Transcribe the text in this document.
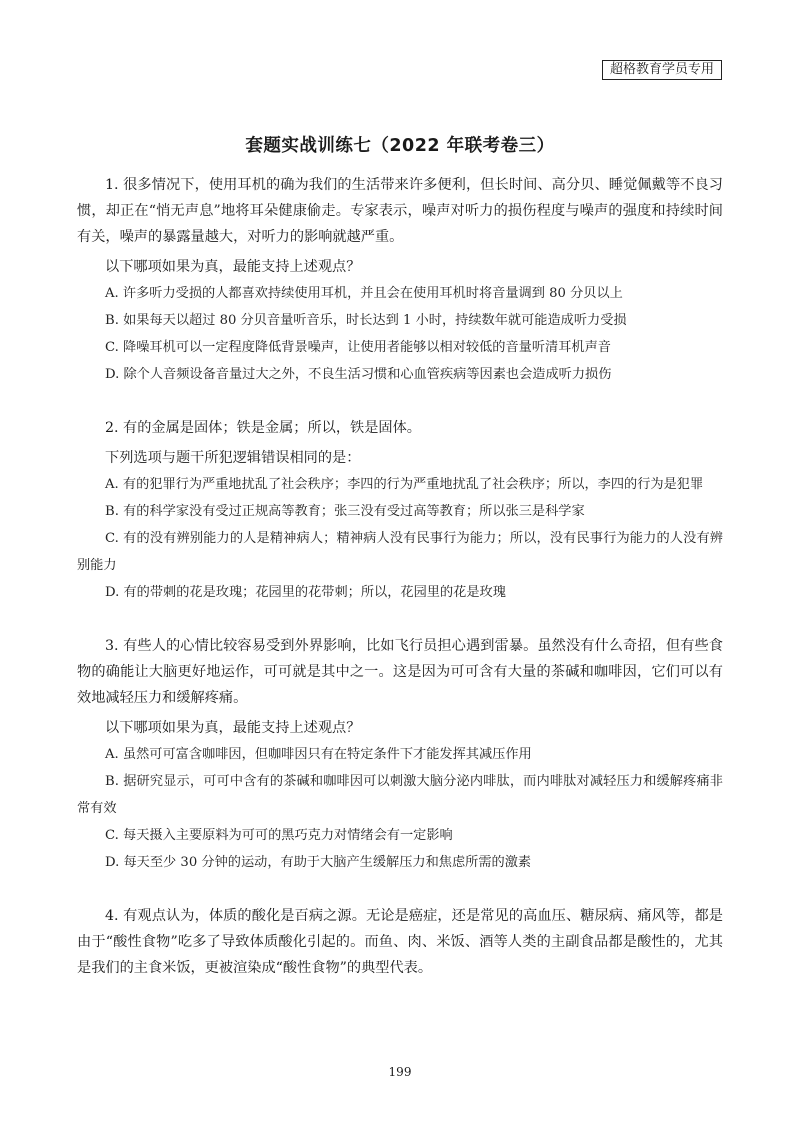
超格教育学员专用
套题实战训练七（2022 年联考卷三）

1. 很多情况下，使用耳机的确为我们的生活带来许多便利，但长时间、高分贝、睡觉佩戴等不良习惯，却正在“悄无声息”地将耳朵健康偷走。专家表示，噪声对听力的损伤程度与噪声的强度和持续时间有关，噪声的暴露量越大，对听力的影响就越严重。

以下哪项如果为真，最能支持上述观点？

A. 许多听力受损的人都喜欢持续使用耳机，并且会在使用耳机时将音量调到 80 分贝以上

B. 如果每天以超过 80 分贝音量听音乐，时长达到 1 小时，持续数年就可能造成听力受损

C. 降噪耳机可以一定程度降低背景噪声，让使用者能够以相对较低的音量听清耳机声音

D. 除个人音频设备音量过大之外，不良生活习惯和心血管疾病等因素也会造成听力损伤

2. 有的金属是固体；铁是金属；所以，铁是固体。

下列选项与题干所犯逻辑错误相同的是：

A. 有的犯罪行为严重地扰乱了社会秩序；李四的行为严重地扰乱了社会秩序；所以，李四的行为是犯罪

B. 有的科学家没有受过正规高等教育；张三没有受过高等教育；所以张三是科学家

C. 有的没有辨别能力的人是精神病人；精神病人没有民事行为能力；所以，没有民事行为能力的人没有辨别能力

D. 有的带刺的花是玫瑰；花园里的花带刺；所以，花园里的花是玫瑰

3. 有些人的心情比较容易受到外界影响，比如飞行员担心遇到雷暴。虽然没有什么奇招，但有些食物的确能让大脑更好地运作，可可就是其中之一。这是因为可可含有大量的茶碱和咖啡因，它们可以有效地减轻压力和缓解疼痛。

以下哪项如果为真，最能支持上述观点？

A. 虽然可可富含咖啡因，但咖啡因只有在特定条件下才能发挥其减压作用

B. 据研究显示，可可中含有的茶碱和咖啡因可以刺激大脑分泌内啡肽，而内啡肽对减轻压力和缓解疼痛非常有效

C. 每天摄入主要原料为可可的黑巧克力对情绪会有一定影响

D. 每天至少 30 分钟的运动，有助于大脑产生缓解压力和焦虑所需的激素

4. 有观点认为，体质的酸化是百病之源。无论是癌症，还是常见的高血压、糖尿病、痛风等，都是由于“酸性食物”吃多了导致体质酸化引起的。而鱼、肉、米饭、酒等人类的主副食品都是酸性的，尤其是我们的主食米饭，更被渲染成“酸性食物”的典型代表。

199
